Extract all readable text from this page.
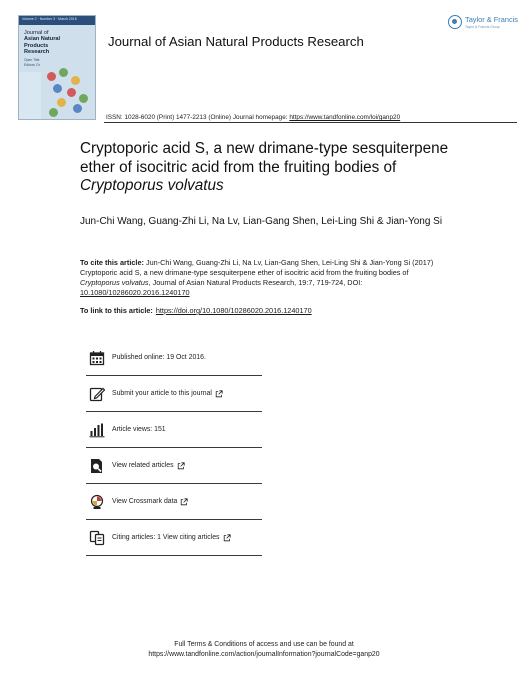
Volume 2 · Number 3 · March 2015
Journal of
Asian Natural Products Research
Open Title
Editors: Dr
Journal of Asian Natural Products Research
ISSN: 1028-6020 (Print) 1477-2213 (Online) Journal homepage: https://www.tandfonline.com/loi/ganp20
Taylor & Francis
Taylor & Francis Group
Cryptoporic acid S, a new drimane-type sesquiterpene ether of isocitric acid from the fruiting bodies of Cryptoporus volvatus
Jun-Chi Wang, Guang-Zhi Li, Na Lv, Lian-Gang Shen, Lei-Ling Shi & Jian-Yong Si
To cite this article: Jun-Chi Wang, Guang-Zhi Li, Na Lv, Lian-Gang Shen, Lei-Ling Shi & Jian-Yong Si (2017) Cryptoporic acid S, a new drimane-type sesquiterpene ether of isocitric acid from the fruiting bodies of Cryptoporus volvatus, Journal of Asian Natural Products Research, 19:7, 719-724, DOI: 10.1080/10286020.2016.1240170
To link to this article: https://doi.org/10.1080/10286020.2016.1240170
Published online: 19 Oct 2016.
Submit your article to this journal
Article views: 151
View related articles
View Crossmark data
Citing articles: 1 View citing articles
Full Terms & Conditions of access and use can be found at
https://www.tandfonline.com/action/journalInformation?journalCode=ganp20
